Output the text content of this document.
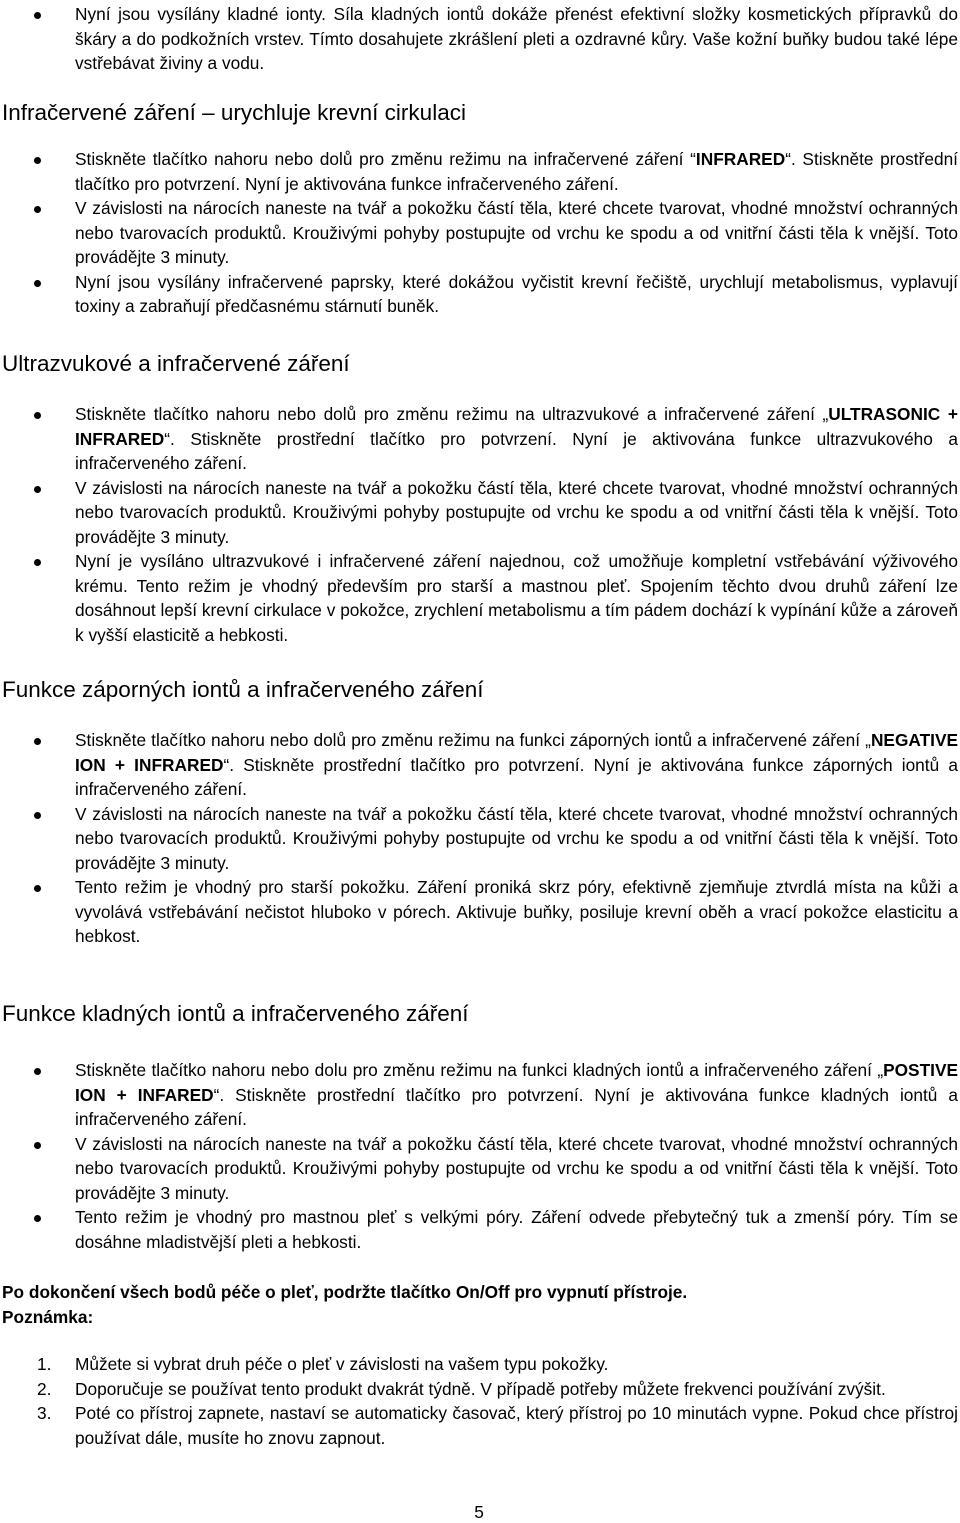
Nyní jsou vysílány kladné ionty. Síla kladných iontů dokáže přenést efektivní složky kosmetických přípravků do škáry a do podkožních vrstev. Tímto dosahujete zkrášlení pleti a ozdravné kůry. Vaše kožní buňky budou také lépe vstřebávat živiny a vodu.
Infračervené záření – urychluje krevní cirkulaci
Stiskněte tlačítko nahoru nebo dolů pro změnu režimu na infračervené záření “INFRARED“. Stiskněte prostřední tlačítko pro potvrzení. Nyní je aktivována funkce infračerveného záření.
V závislosti na nárocích naneste na tvář a pokožku částí těla, které chcete tvarovat, vhodné množství ochranných nebo tvarovacích produktů. Krouživými pohyby postupujte od vrchu ke spodu a od vnitřní části těla k vnější. Toto provádějte 3 minuty.
Nyní jsou vysílány infračervené paprsky, které dokážou vyčistit krevní řečiště, urychlují metabolismus, vyplavují toxiny a zabraňují předčasnému stárnutí buněk.
Ultrazvukové a infračervené záření
Stiskněte tlačítko nahoru nebo dolů pro změnu režimu na ultrazvukové a infračervené záření „ULTRASONIC + INFRARED“. Stiskněte prostřední tlačítko pro potvrzení. Nyní je aktivována funkce ultrazvukového a infračerveného záření.
V závislosti na nárocích naneste na tvář a pokožku částí těla, které chcete tvarovat, vhodné množství ochranných nebo tvarovacích produktů. Krouživými pohyby postupujte od vrchu ke spodu a od vnitřní části těla k vnější. Toto provádějte 3 minuty.
Nyní je vysíláno ultrazvukové i infračervené záření najednou, což umožňuje kompletní vstřebávání výživového krému. Tento režim je vhodný především pro starší a mastnou pleť. Spojením těchto dvou druhů záření lze dosáhnout lepší krevní cirkulace v pokožce, zrychlení metabolismu a tím pádem dochází k vypínání kůže a zároveň k vyšší elasticitě a hebkosti.
Funkce záporných iontů a infračerveného záření
Stiskněte tlačítko nahoru nebo dolů pro změnu režimu na funkci záporných iontů a infračervené záření „NEGATIVE ION + INFRARED“. Stiskněte prostřední tlačítko pro potvrzení. Nyní je aktivována funkce záporných iontů a infračerveného záření.
V závislosti na nárocích naneste na tvář a pokožku částí těla, které chcete tvarovat, vhodné množství ochranných nebo tvarovacích produktů. Krouživými pohyby postupujte od vrchu ke spodu a od vnitřní části těla k vnější. Toto provádějte 3 minuty.
Tento režim je vhodný pro starší pokožku. Záření proniká skrz póry, efektivně zjemňuje ztvrdlá místa na kůži a vyvolává vstřebávání nečistot hluboko v pórech. Aktivuje buňky, posiluje krevní oběh a vrací pokožce elasticitu a hebkost.
Funkce kladných iontů a infračerveného záření
Stiskněte tlačítko nahoru nebo dolu pro změnu režimu na funkci kladných iontů a infračerveného záření „POSTIVE ION + INFARED“. Stiskněte prostřední tlačítko pro potvrzení. Nyní je aktivována funkce kladných iontů a infračerveného záření.
V závislosti na nárocích naneste na tvář a pokožku částí těla, které chcete tvarovat, vhodné množství ochranných nebo tvarovacích produktů. Krouživými pohyby postupujte od vrchu ke spodu a od vnitřní části těla k vnější. Toto provádějte 3 minuty.
Tento režim je vhodný pro mastnou pleť s velkými póry. Záření odvede přebytečný tuk a zmenší póry. Tím se dosáhne mladistvější pleti a hebkosti.
Po dokončení všech bodů péče o pleť, podržte tlačítko On/Off pro vypnutí přístroje.
Poznámka:
1. Můžete si vybrat druh péče o pleť v závislosti na vašem typu pokožky.
2. Doporučuje se používat tento produkt dvakrát týdně. V případě potřeby můžete frekvenci používání zvýšit.
3. Poté co přístroj zapnete, nastaví se automaticky časovač, který přístroj po 10 minutách vypne. Pokud chce přístroj používat dále, musíte ho znovu zapnout.
5
